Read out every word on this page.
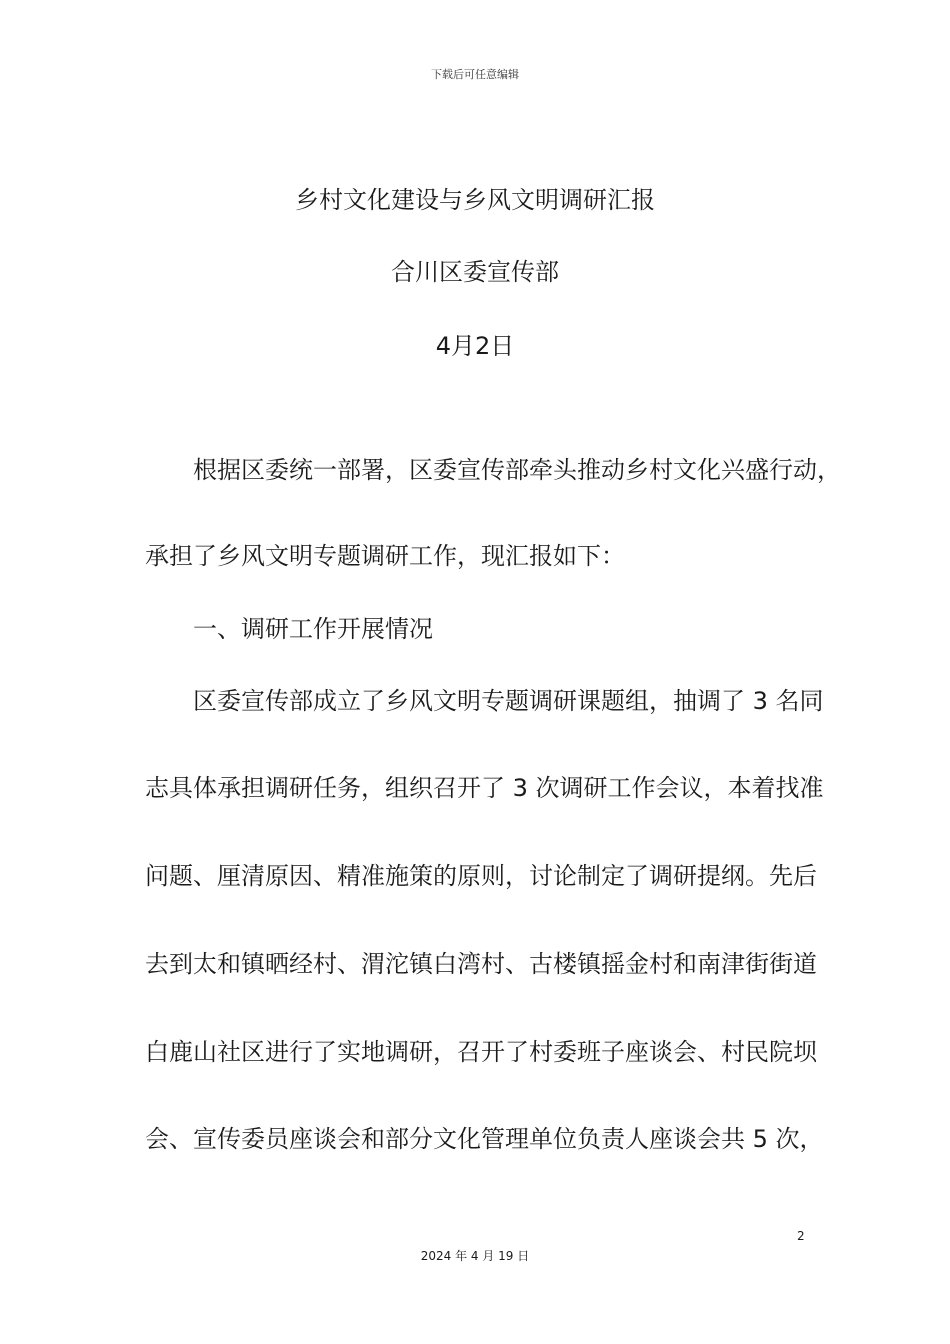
下载后可任意编辑
乡村文化建设与乡风文明调研汇报
合川区委宣传部
4月2日
根据区委统一部署，区委宣传部牵头推动乡村文化兴盛行动，
承担了乡风文明专题调研工作，现汇报如下：
一、调研工作开展情况
区委宣传部成立了乡风文明专题调研课题组，抽调了 3 名同
志具体承担调研任务，组织召开了 3 次调研工作会议，本着找准
问题、厘清原因、精准施策的原则，讨论制定了调研提纲。先后
去到太和镇晒经村、渭沱镇白湾村、古楼镇摇金村和南津街街道
白鹿山社区进行了实地调研，召开了村委班子座谈会、村民院坝
会、宣传委员座谈会和部分文化管理单位负责人座谈会共 5 次，
2
2024 年 4 月 19 日
